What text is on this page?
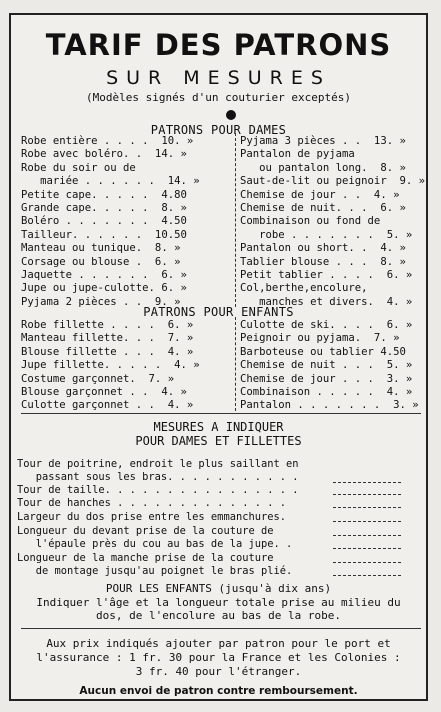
TARIF DES PATRONS
SUR MESURES
(Modèles signés d'un couturier exceptés)
PATRONS POUR DAMES
Robe entière . . . .  10. »
Robe avec boléro. .  14. »
Robe du soir ou de
mariée . . . . . .  14. »
Petite cape. . . . .  4.80
Grande cape. . . . .  8. »
Boléro . . . . . . .  4.50
Tailleur. . . . . .  10.50
Manteau ou tunique.  8. »
Corsage ou blouse .  6. »
Jaquette . . . . . .  6. »
Jupe ou jupe-culotte. 6. »
Pyjama 2 pièces . .  9. »
Pyjama 3 pièces . .  13. »
Pantalon de pyjama
ou pantalon long.  8. »
Saut-de-lit ou peignoir  9. »
Chemise de jour . .  4. »
Chemise de nuit. . .  6. »
Combinaison ou fond de
robe . . . . . . .  5. »
Pantalon ou short. .  4. »
Tablier blouse . . .  8. »
Petit tablier . . . .  6. »
Col,berthe,encolure,
manches et divers.  4. »
PATRONS POUR ENFANTS
Robe fillette . . . .  6. »
Manteau fillette. . .  7. »
Blouse fillette . . .  4. »
Jupe fillette. . . . .  4. »
Costume garçonnet.  7. »
Blouse garçonnet . .  4. »
Culotte garçonnet . .  4. »
Culotte de ski. . . .  6. »
Peignoir ou pyjama.  7. »
Barboteuse ou tablier 4.50
Chemise de nuit . . .  5. »
Chemise de jour . . .  3. »
Combinaison . . . . .  4. »
Pantalon . . . . . . .  3. »
MESURES A INDIQUER
POUR DAMES ET FILLETTES
Tour de poitrine, endroit le plus saillant en
passant sous les bras. . . . . . . . . . .
Tour de taille. . . . . . . . . . . . . . . .
Tour de hanches . . . . . . . . . . . . . .
Largeur du dos prise entre les emmanchures.
Longueur du devant prise de la couture de
l'épaule près du cou au bas de la jupe. .
Longueur de la manche prise de la couture
de montage jusqu'au poignet le bras plié.
POUR LES ENFANTS (jusqu'à dix ans)
Indiquer l'âge et la longueur totale prise au milieu du
dos, de l'encolure au bas de la robe.
Aux prix indiqués ajouter par patron pour le port et
l'assurance : 1 fr. 30 pour la France et les Colonies :
3 fr. 40 pour l'étranger.
Aucun envoi de patron contre remboursement.
